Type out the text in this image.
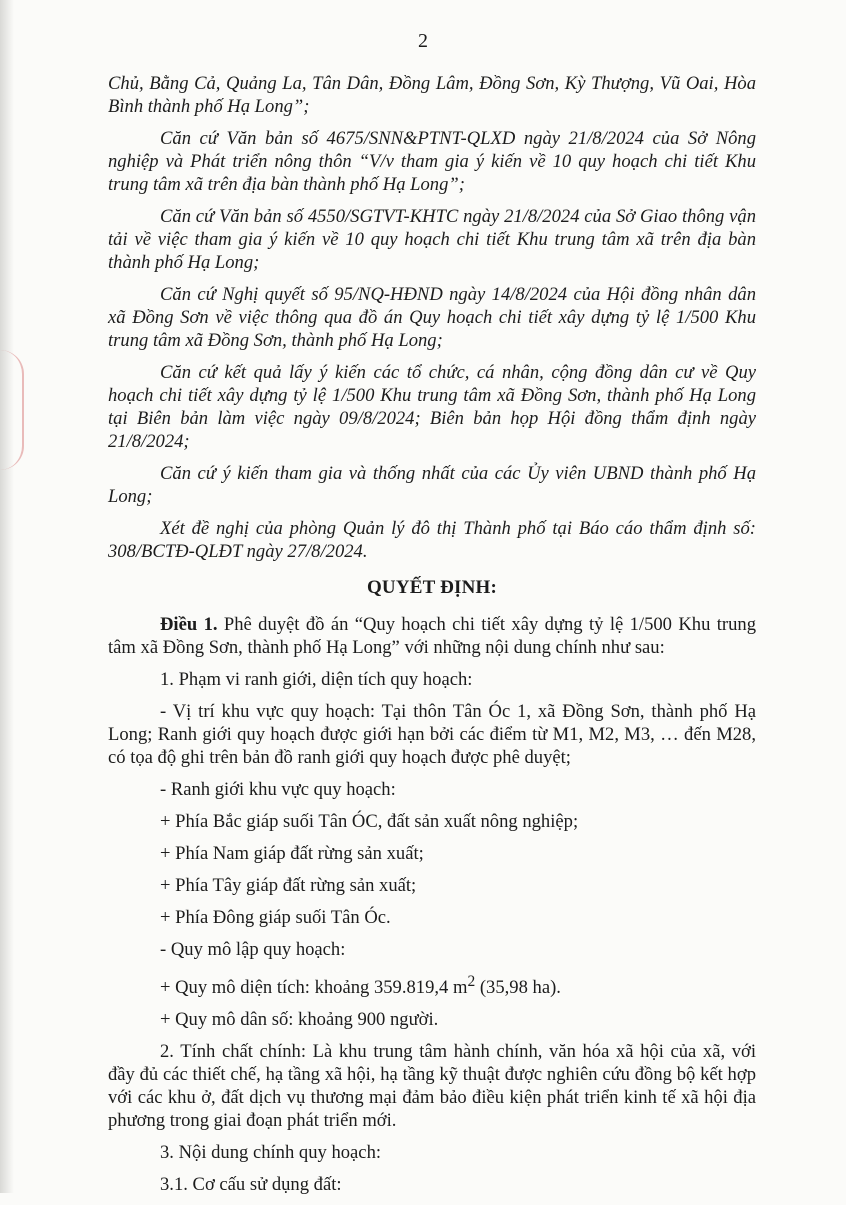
2

Chủ, Bằng Cả, Quảng La, Tân Dân, Đồng Lâm, Đồng Sơn, Kỳ Thượng, Vũ Oai, Hòa Bình thành phố Hạ Long”;

Căn cứ Văn bản số 4675/SNN&PTNT-QLXD ngày 21/8/2024 của Sở Nông nghiệp và Phát triển nông thôn “V/v tham gia ý kiến về 10 quy hoạch chi tiết Khu trung tâm xã trên địa bàn thành phố Hạ Long”;

Căn cứ Văn bản số 4550/SGTVT-KHTC ngày 21/8/2024 của Sở Giao thông vận tải về việc tham gia ý kiến về 10 quy hoạch chi tiết Khu trung tâm xã trên địa bàn thành phố Hạ Long;

Căn cứ Nghị quyết số 95/NQ-HĐND ngày 14/8/2024 của Hội đồng nhân dân xã Đồng Sơn về việc thông qua đồ án Quy hoạch chi tiết xây dựng tỷ lệ 1/500 Khu trung tâm xã Đồng Sơn, thành phố Hạ Long;

Căn cứ kết quả lấy ý kiến các tổ chức, cá nhân, cộng đồng dân cư về Quy hoạch chi tiết xây dựng tỷ lệ 1/500 Khu trung tâm xã Đồng Sơn, thành phố Hạ Long tại Biên bản làm việc ngày 09/8/2024; Biên bản họp Hội đồng thẩm định ngày 21/8/2024;

Căn cứ ý kiến tham gia và thống nhất của các Ủy viên UBND thành phố Hạ Long;

Xét đề nghị của phòng Quản lý đô thị Thành phố tại Báo cáo thẩm định số: 308/BCTĐ-QLĐT ngày 27/8/2024.

QUYẾT ĐỊNH:

Điều 1. Phê duyệt đồ án “Quy hoạch chi tiết xây dựng tỷ lệ 1/500 Khu trung tâm xã Đồng Sơn, thành phố Hạ Long” với những nội dung chính như sau:

1. Phạm vi ranh giới, diện tích quy hoạch:

- Vị trí khu vực quy hoạch: Tại thôn Tân Óc 1, xã Đồng Sơn, thành phố Hạ Long; Ranh giới quy hoạch được giới hạn bởi các điểm từ M1, M2, M3, … đến M28, có tọa độ ghi trên bản đồ ranh giới quy hoạch được phê duyệt;

- Ranh giới khu vực quy hoạch:

+ Phía Bắc giáp suối Tân ÓC, đất sản xuất nông nghiệp;

+ Phía Nam giáp đất rừng sản xuất;

+ Phía Tây giáp đất rừng sản xuất;

+ Phía Đông giáp suối Tân Óc.

- Quy mô lập quy hoạch:

+ Quy mô diện tích: khoảng 359.819,4 $m^2$ (35,98 ha).

+ Quy mô dân số: khoảng 900 người.

2. Tính chất chính: Là khu trung tâm hành chính, văn hóa xã hội của xã, với đầy đủ các thiết chế, hạ tầng xã hội, hạ tầng kỹ thuật được nghiên cứu đồng bộ kết hợp với các khu ở, đất dịch vụ thương mại đảm bảo điều kiện phát triển kinh tế xã hội địa phương trong giai đoạn phát triển mới.

3. Nội dung chính quy hoạch:

3.1. Cơ cấu sử dụng đất:
